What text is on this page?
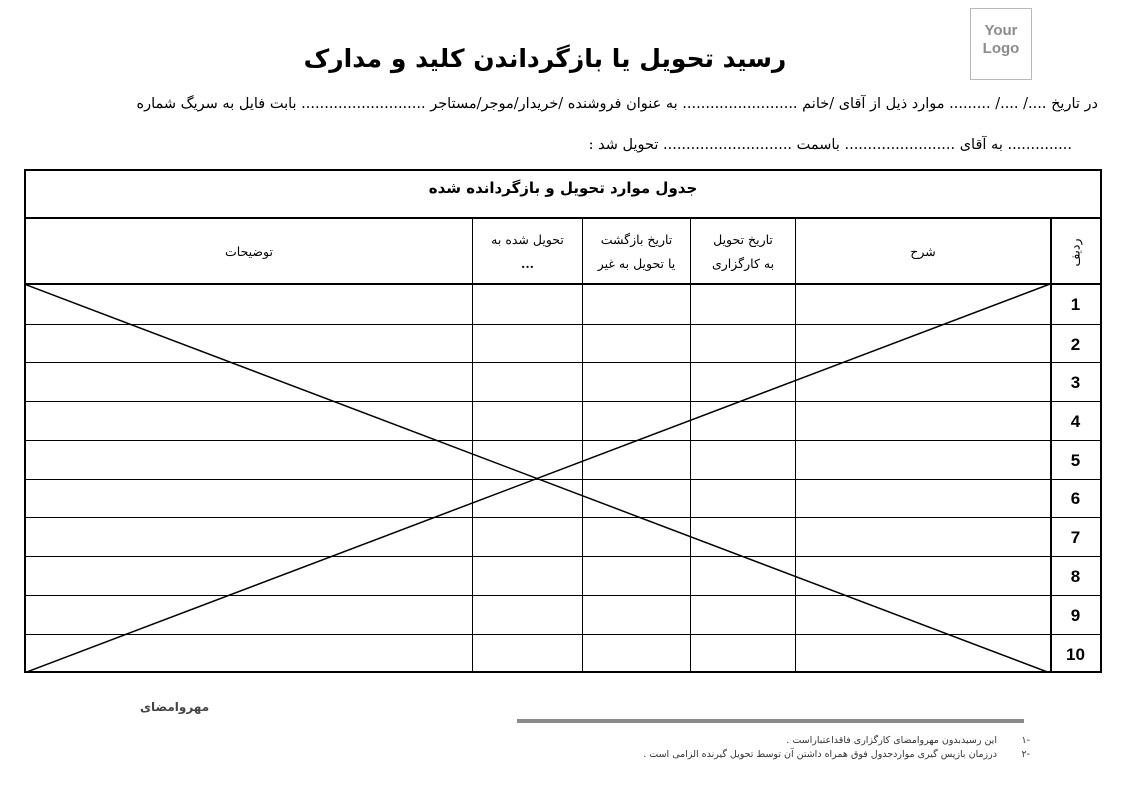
Your
Logo
رسید تحویل یا بازگرداندن کلید و مدارک
در تاریخ ..../ ..../ ......... موارد ذیل از آقای /خانم ......................... به عنوان فروشنده /خریدار/موجر/مستاجر ........................... بابت فایل به سریگ شماره
.............. به آقای ........................ باسمت ............................ تحویل شد :
جدول موارد تحویل و بازگردانده شده
ردیف
شرح
تاریخ تحویل
به کارگزاری
تاریخ بازگشت
یا تحویل به غیر
تحویل شده به
...
توضیحات
1
2
3
4
5
6
7
8
9
10
مهروامضای
-۱ این رسیدبدون مهروامضای کارگزاری فاقداعتباراست .
-۲ درزمان بازپس گیری مواردجدول فوق همراه داشتن آن توسط تحویل گیرنده الزامی است .
